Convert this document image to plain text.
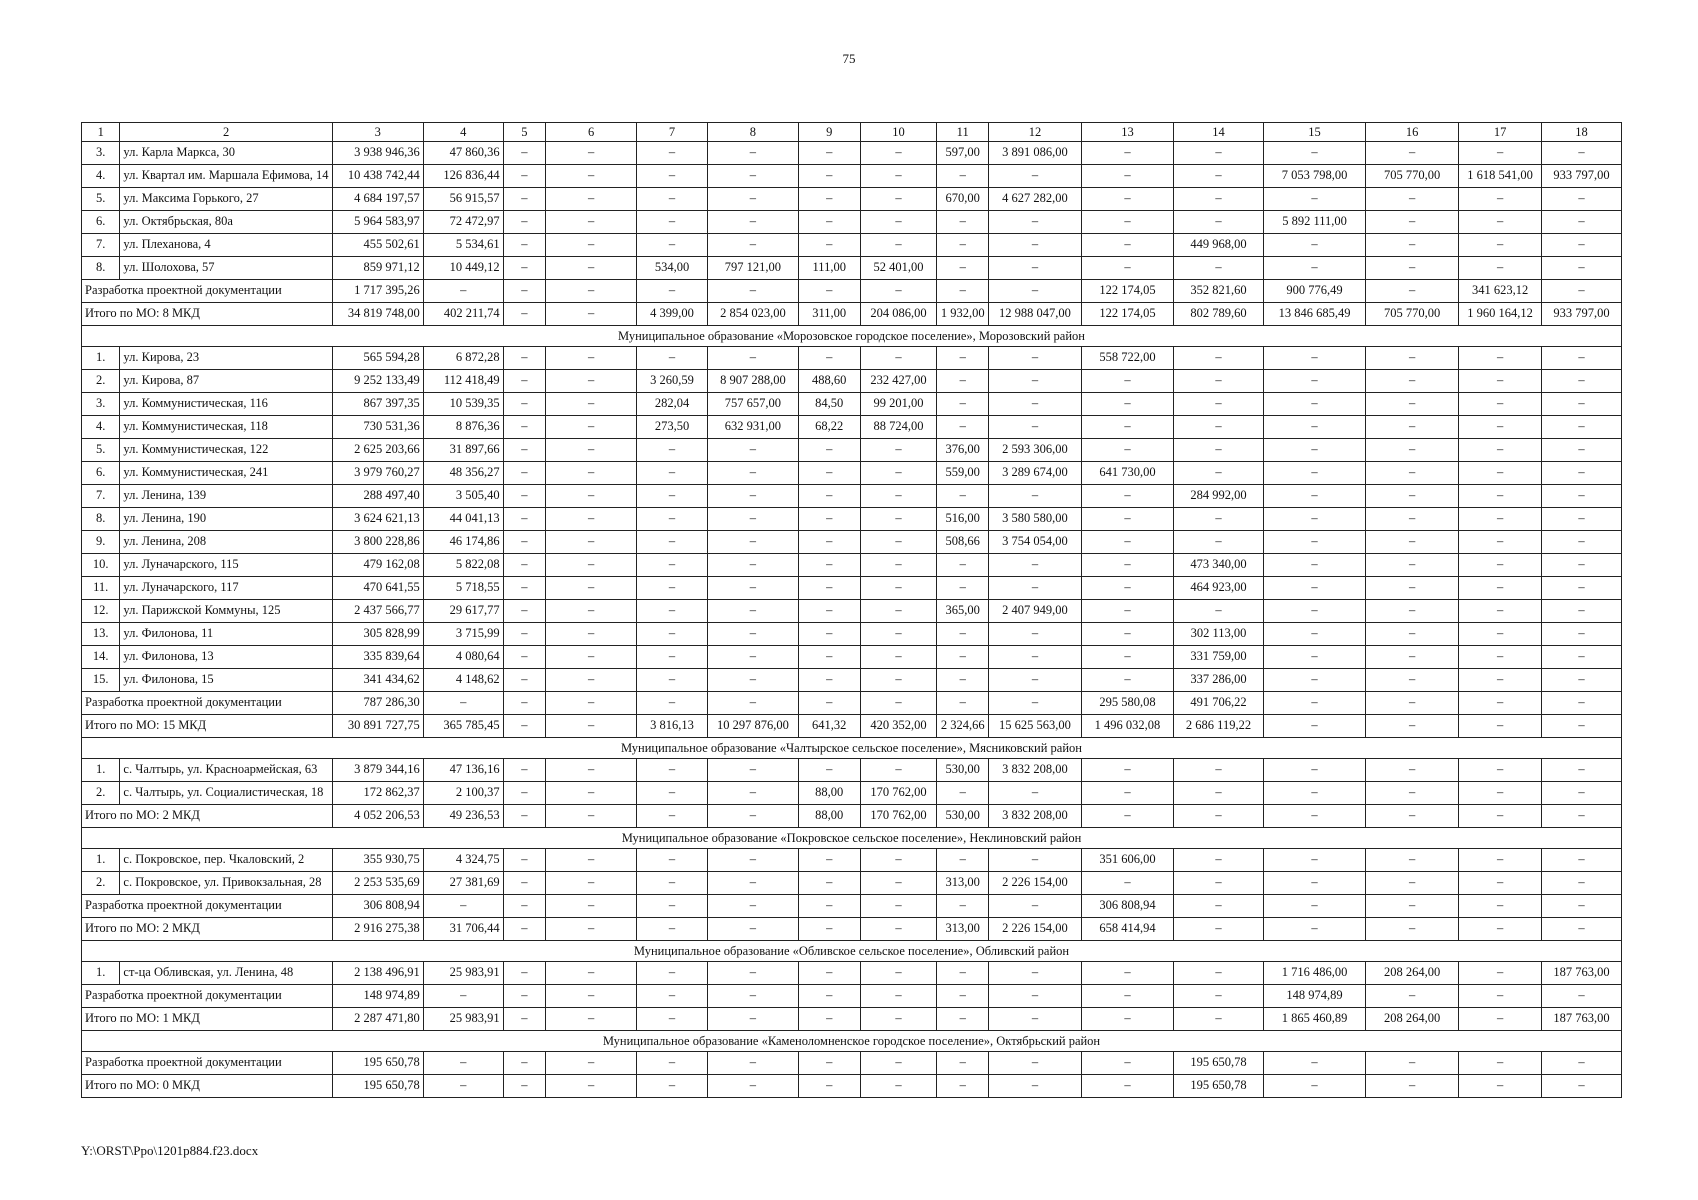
75
1	2	3	4	5	6	7	8	9	10	11	12	13	14	15	16	17	18
3.	ул. Карла Маркса, 30	3 938 946,36	47 860,36	–	–	–	–	–	–	597,00	3 891 086,00	–	–	–	–	–	–
4.	ул. Квартал им. Маршала Ефимова, 14	10 438 742,44	126 836,44	–	–	–	–	–	–	–	–	–	–	7 053 798,00	705 770,00	1 618 541,00	933 797,00
5.	ул. Максима Горького, 27	4 684 197,57	56 915,57	–	–	–	–	–	–	670,00	4 627 282,00	–	–	–	–	–	–
6.	ул. Октябрьская, 80а	5 964 583,97	72 472,97	–	–	–	–	–	–	–	–	–	–	5 892 111,00	–	–	–
7.	ул. Плеханова, 4	455 502,61	5 534,61	–	–	–	–	–	–	–	–	–	449 968,00	–	–	–	–
8.	ул. Шолохова, 57	859 971,12	10 449,12	–	–	534,00	797 121,00	111,00	52 401,00	–	–	–	–	–	–	–	–
Разработка проектной документации		1 717 395,26	–	–	–	–	–	–	–	–	–	122 174,05	352 821,60	900 776,49	–	341 623,12	–
Итого по МО: 8 МКД		34 819 748,00	402 211,74	–	–	4 399,00	2 854 023,00	311,00	204 086,00	1 932,00	12 988 047,00	122 174,05	802 789,60	13 846 685,49	705 770,00	1 960 164,12	933 797,00
Муниципальное образование «Морозовское городское поселение», Морозовский район																	
1.	ул. Кирова, 23	565 594,28	6 872,28	–	–	–	–	–	–	–	–	558 722,00	–	–	–	–	–
2.	ул. Кирова, 87	9 252 133,49	112 418,49	–	–	3 260,59	8 907 288,00	488,60	232 427,00	–	–	–	–	–	–	–	–
3.	ул. Коммунистическая, 116	867 397,35	10 539,35	–	–	282,04	757 657,00	84,50	99 201,00	–	–	–	–	–	–	–	–
4.	ул. Коммунистическая, 118	730 531,36	8 876,36	–	–	273,50	632 931,00	68,22	88 724,00	–	–	–	–	–	–	–	–
5.	ул. Коммунистическая, 122	2 625 203,66	31 897,66	–	–	–	–	–	–	376,00	2 593 306,00	–	–	–	–	–	–
6.	ул. Коммунистическая, 241	3 979 760,27	48 356,27	–	–	–	–	–	–	559,00	3 289 674,00	641 730,00	–	–	–	–	–
7.	ул. Ленина, 139	288 497,40	3 505,40	–	–	–	–	–	–	–	–	–	284 992,00	–	–	–	–
8.	ул. Ленина, 190	3 624 621,13	44 041,13	–	–	–	–	–	–	516,00	3 580 580,00	–	–	–	–	–	–
9.	ул. Ленина, 208	3 800 228,86	46 174,86	–	–	–	–	–	–	508,66	3 754 054,00	–	–	–	–	–	–
10.	ул. Луначарского, 115	479 162,08	5 822,08	–	–	–	–	–	–	–	–	–	473 340,00	–	–	–	–
11.	ул. Луначарского, 117	470 641,55	5 718,55	–	–	–	–	–	–	–	–	–	464 923,00	–	–	–	–
12.	ул. Парижской Коммуны, 125	2 437 566,77	29 617,77	–	–	–	–	–	–	365,00	2 407 949,00	–	–	–	–	–	–
13.	ул. Филонова, 11	305 828,99	3 715,99	–	–	–	–	–	–	–	–	–	302 113,00	–	–	–	–
14.	ул. Филонова, 13	335 839,64	4 080,64	–	–	–	–	–	–	–	–	–	331 759,00	–	–	–	–
15.	ул. Филонова, 15	341 434,62	4 148,62	–	–	–	–	–	–	–	–	–	337 286,00	–	–	–	–
Разработка проектной документации		787 286,30	–	–	–	–	–	–	–	–	–	295 580,08	491 706,22	–	–	–	–
Итого по МО: 15 МКД		30 891 727,75	365 785,45	–	–	3 816,13	10 297 876,00	641,32	420 352,00	2 324,66	15 625 563,00	1 496 032,08	2 686 119,22	–	–	–	–
Муниципальное образование «Чалтырское сельское поселение», Мясниковский район																	
1.	с. Чалтырь, ул. Красноармейская, 63	3 879 344,16	47 136,16	–	–	–	–	–	–	530,00	3 832 208,00	–	–	–	–	–	–
2.	с. Чалтырь, ул. Социалистическая, 18	172 862,37	2 100,37	–	–	–	–	88,00	170 762,00	–	–	–	–	–	–	–	–
Итого по МО: 2 МКД		4 052 206,53	49 236,53	–	–	–	–	88,00	170 762,00	530,00	3 832 208,00	–	–	–	–	–	–
Муниципальное образование «Покровское сельское поселение», Неклиновский район																	
1.	с. Покровское, пер. Чкаловский, 2	355 930,75	4 324,75	–	–	–	–	–	–	–	–	351 606,00	–	–	–	–	–
2.	с. Покровское, ул. Привокзальная, 28	2 253 535,69	27 381,69	–	–	–	–	–	–	313,00	2 226 154,00	–	–	–	–	–	–
Разработка проектной документации		306 808,94	–	–	–	–	–	–	–	–	–	306 808,94	–	–	–	–	–
Итого по МО: 2 МКД		2 916 275,38	31 706,44	–	–	–	–	–	–	313,00	2 226 154,00	658 414,94	–	–	–	–	–
Муниципальное образование «Обливское сельское поселение», Обливский район																	
1.	ст-ца Обливская, ул. Ленина, 48	2 138 496,91	25 983,91	–	–	–	–	–	–	–	–	–	–	1 716 486,00	208 264,00	–	187 763,00
Разработка проектной документации		148 974,89	–	–	–	–	–	–	–	–	–	–	–	148 974,89	–	–	–
Итого по МО: 1 МКД		2 287 471,80	25 983,91	–	–	–	–	–	–	–	–	–	–	1 865 460,89	208 264,00	–	187 763,00
Муниципальное образование «Каменоломненское городское поселение», Октябрьский район																	
Разработка проектной документации		195 650,78	–	–	–	–	–	–	–	–	–	–	195 650,78	–	–	–	–
Итого по МО: 0 МКД		195 650,78	–	–	–	–	–	–	–	–	–	–	195 650,78	–	–	–	–
Y:\ORST\Ppo\1201p884.f23.docx
